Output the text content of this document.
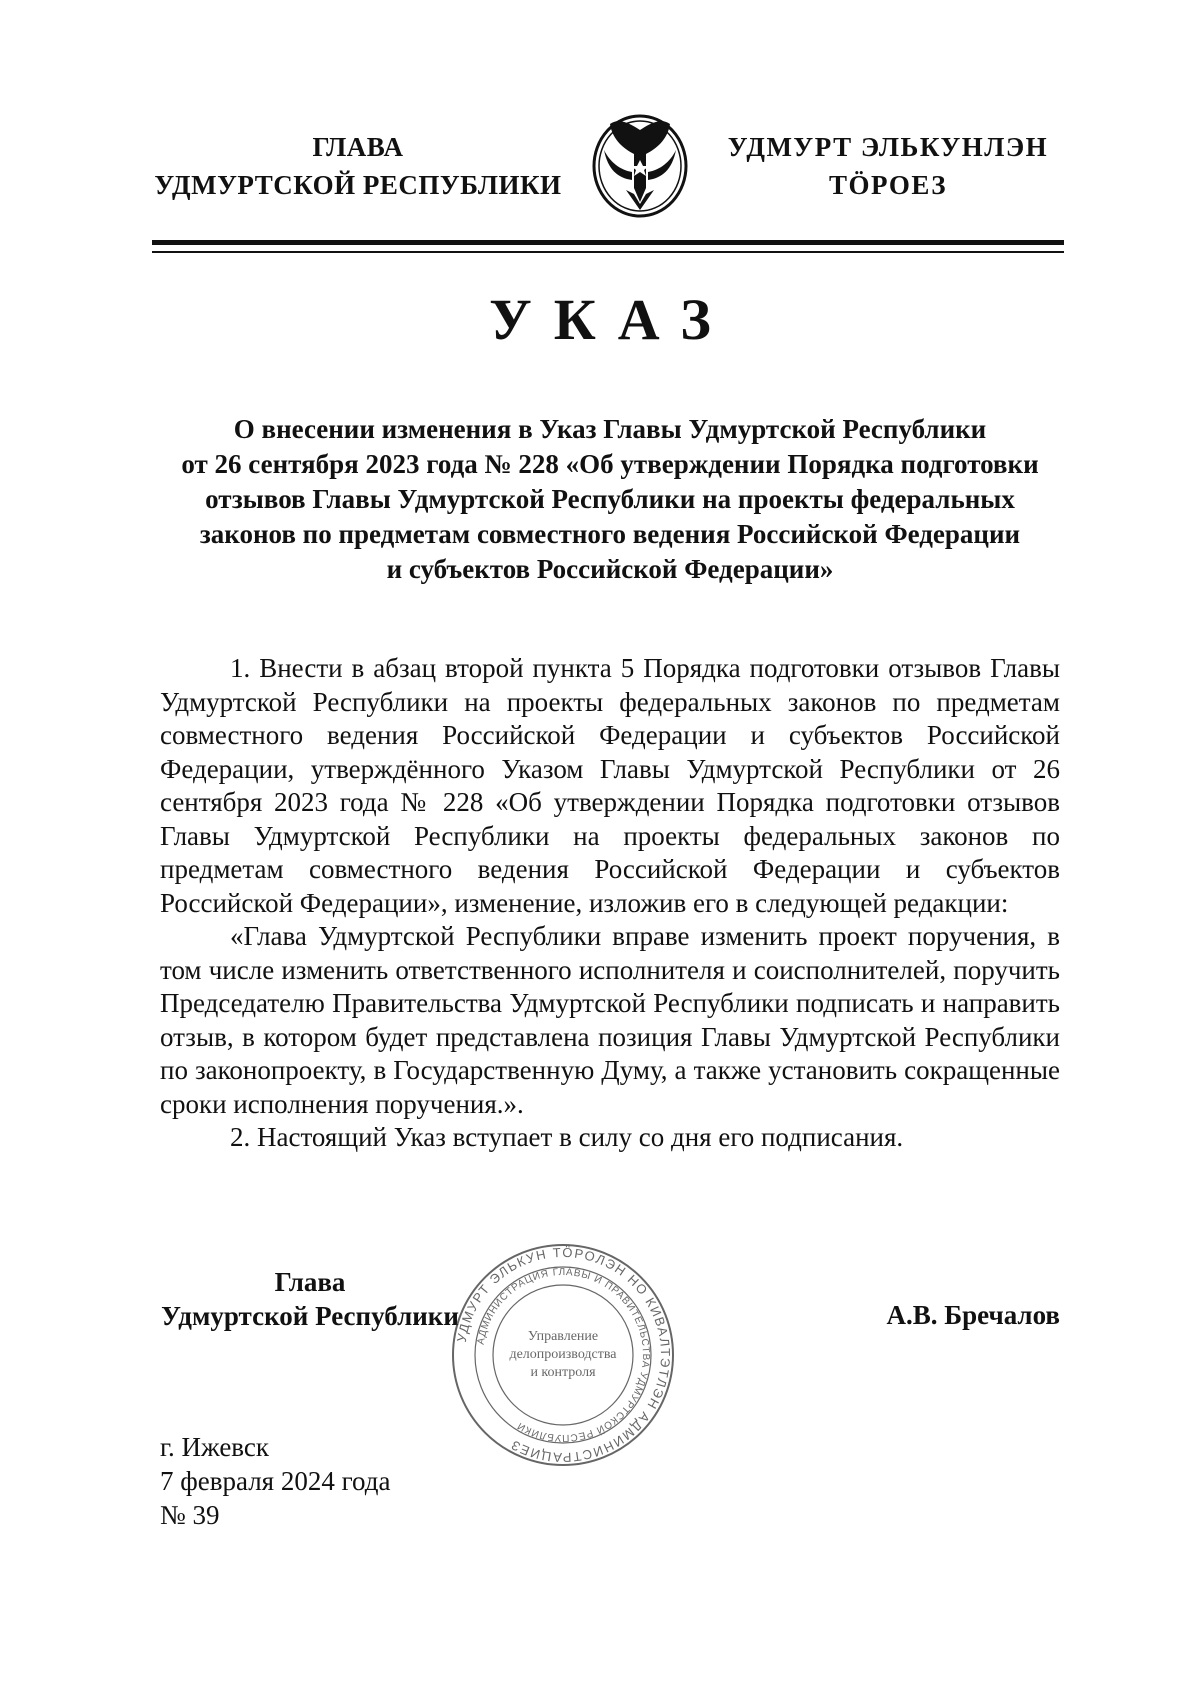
ГЛАВА
УДМУРТСКОЙ РЕСПУБЛИКИ
УДМУРТ ЭЛЬКУНЛЭН
ТӦРОЕЗ
УКАЗ
О внесении изменения в Указ Главы Удмуртской Республики
от 26 сентября 2023 года № 228 «Об утверждении Порядка подготовки
отзывов Главы Удмуртской Республики на проекты федеральных
законов по предметам совместного ведения Российской Федерации
и субъектов Российской Федерации»

1. Внести в абзац второй пункта 5 Порядка подготовки отзывов Главы Удмуртской Республики на проекты федеральных законов по предметам совместного ведения Российской Федерации и субъектов Российской Федерации, утверждённого Указом Главы Удмуртской Республики от 26 сентября 2023 года № 228 «Об утверждении Порядка подготовки отзывов Главы Удмуртской Республики на проекты федеральных законов по предметам совместного ведения Российской Федерации и субъектов Российской Федерации», изменение, изложив его в следующей редакции:

«Глава Удмуртской Республики вправе изменить проект поручения, в том числе изменить ответственного исполнителя и соисполнителей, поручить Председателю Правительства Удмуртской Республики подписать и направить отзыв, в котором будет представлена позиция Главы Удмуртской Республики по законопроекту, в Государственную Думу, а также установить сокращенные сроки исполнения поручения.».

2. Настоящий Указ вступает в силу со дня его подписания.

Глава
Удмуртской Республики
УДМУРТ ЭЛЬКУН ТӦРОЛЭН НО КИВАЛТЭТЛЭН АДМИНИСТРАЦИЕЗ
АДМИНИСТРАЦИЯ ГЛАВЫ И ПРАВИТЕЛЬСТВА УДМУРТСКОЙ РЕСПУБЛИКИ
Управление
делопроизводства
и контроля
А.В. Бречалов
г. Ижевск
7 февраля 2024 года
№ 39
